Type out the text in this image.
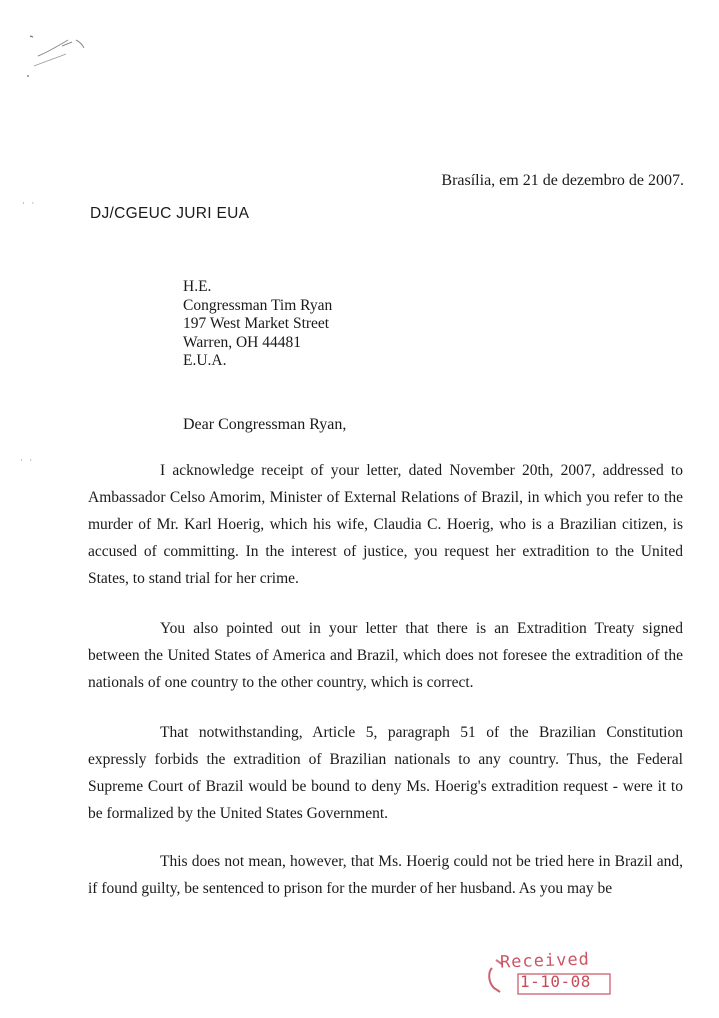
· ·
· ·
Brasília, em 21 de dezembro de 2007.
DJ/CGEUC JURI EUA
H.E.
Congressman Tim Ryan
197 West Market Street
Warren, OH 44481
E.U.A.
Dear Congressman Ryan,

I acknowledge receipt of your letter, dated November 20th, 2007, addressed to Ambassador Celso Amorim, Minister of External Relations of Brazil, in which you refer to the murder of Mr. Karl Hoerig, which his wife, Claudia C. Hoerig, who is a Brazilian citizen, is accused of committing. In the interest of justice, you request her extradition to the United States, to stand trial for her crime.

You also pointed out in your letter that there is an Extradition Treaty signed between the United States of America and Brazil, which does not foresee the extradition of the nationals of one country to the other country, which is correct.

That notwithstanding, Article 5, paragraph 51 of the Brazilian Constitution expressly forbids the extradition of Brazilian nationals to any country. Thus, the Federal Supreme Court of Brazil would be bound to deny Ms. Hoerig's extradition request - were it to be formalized by the United States Government.

This does not mean, however, that Ms. Hoerig could not be tried here in Brazil and, if found guilty, be sentenced to prison for the murder of her husband. As you may be

Received
1-10-08
